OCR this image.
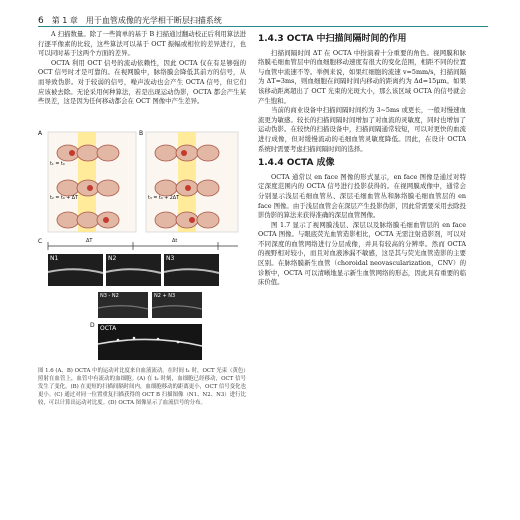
6 第 1 章 用于血管成像的光学相干断层扫描系统

A 扫描数量。除了一些简单的基于 B 扫描通过翻动校正后利用算法进行逐平像素的比较，这些算法可以基于 OCT 振幅或相位的差异进行，也可以同时基于这两个方面的差异。

OCTA 利用 OCT 信号的流动依赖性，因此 OCTA 仅在有足够强的 OCT 信号时才是可靠的。在视网膜中，脉络膜会降低其前方的信号，从而导致伪影。对于较弱的信号，噪声波动也会产生 OCTA 信号，但它们应该被去除。无论采用何种算法，若是出现运动伪影，OCTA 都会产生某些误差，这是因为任何移动都会在 OCT 图像中产生差异。

A	B
C
D
t₁ = t₀
t₂ = t₀ + ΔT	t₃ = t₀ + 2ΔT
ΔT	Δt
N1	N2	N3
N3 - N2	N2 + N3
OCTA
图 1.6 (A、B) OCTA 中的运动对比度来自血液流动。在时间 t₁ 时，OCT 光束（黄色）照射在血管上，血管中有流动的血细胞。(A) 在 t₂ 时刻，血细胞已经移动，OCT 信号发生了变化。(B) 在更短的扫描间隔时间内，血细胞移动的距离更小，OCT 信号变化也更小。(C) 通过对同一位置重复扫描获得的 OCT B 扫描图像（N1、N2、N3）进行比较，可以计算出运动对比度。(D) OCTA 图像显示了血流信号的分布。
1.4.3 OCTA 中扫描间隔时间的作用

扫描间隔时间 ΔT 在 OCTA 中扮演着十分重要的角色。视网膜和脉络膜毛细血管层中的血细胞移动速度有很大的变化范围，相距不同的位置与血管中流速不等。举例来说，如果红细胞的流速 v=5mm/s，扫描间隔为 ΔT=3ms，则血细胞在间隔时间内移动的距离约为 Δd=15μm。如果该移动距离超出了 OCT 光束的光斑大小，那么该区域 OCTA 的信号就会产生饱和。

当前的商业设备中扫描间隔时间约为 3~5ms 或更长，一般对慢速血流更为敏感。较长的扫描间隔时间增加了对血流的灵敏度，同时也增加了运动伪影。在较快的扫描设备中，扫描间隔通常较短，可以对更快的血流进行成像，但对缓慢流动的毛细血管灵敏度降低。因此，在设计 OCTA 系统时需要考虑扫描间隔时间的选择。

1.4.4 OCTA 成像

OCTA 通常以 en face 图像的形式显示，en face 图像是通过对特定深度范围内的 OCTA 信号进行投影获得的。在视网膜成像中，通常会分别显示浅层毛细血管丛、深层毛细血管丛和脉络膜毛细血管层的 en face 图像。由于浅层血管会在深层产生投影伪影，因此常需要采用去除投影伪影的算法来获得准确的深层血管图像。

图 1.7 显示了视网膜浅层、深层以及脉络膜毛细血管层的 en face OCTA 图像。与眼底荧光血管造影相比，OCTA 无需注射造影剂，可以对不同深度的血管网络进行分层成像，并具有较高的分辨率。然而 OCTA 的视野相对较小，而且对血液渗漏不敏感，这是其与荧光血管造影的主要区别。在脉络膜新生血管（choroidal neovascularization，CNV）的诊断中，OCTA 可以清晰地显示新生血管网络的形态，因此具有重要的临床价值。
